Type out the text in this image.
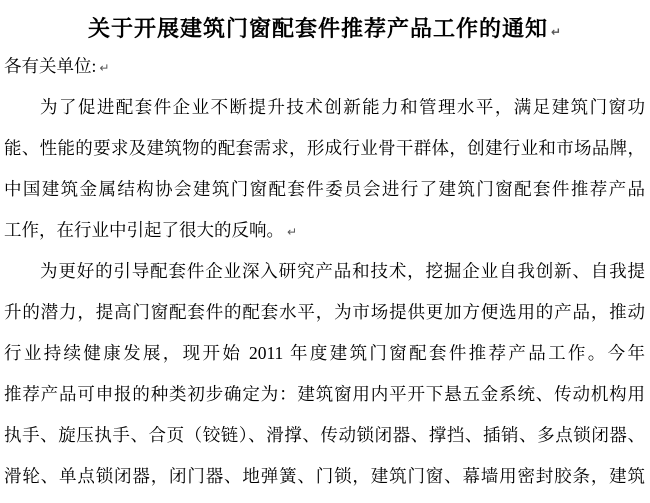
关于开展建筑门窗配套件推荐产品工作的通知 ↵
各有关单位: ↵
为了促进配套件企业不断提升技术创新能力和管理水平，满足建筑门窗功
能、性能的要求及建筑物的配套需求，形成行业骨干群体，创建行业和市场品牌，
中国建筑金属结构协会建筑门窗配套件委员会进行了建筑门窗配套件推荐产品
工作，在行业中引起了很大的反响。 ↵
为更好的引导配套件企业深入研究产品和技术，挖掘企业自我创新、自我提
升的潜力，提高门窗配套件的配套水平，为市场提供更加方便选用的产品，推动
行业持续健康发展，现开始 2011 年度建筑门窗配套件推荐产品工作。今年
推荐产品可申报的种类初步确定为：建筑窗用内平开下悬五金系统、传动机构用
执手、旋压执手、合页（铰链）、滑撑、传动锁闭器、撑挡、插销、多点锁闭器、
滑轮、单点锁闭器，闭门器、地弹簧、门锁，建筑门窗、幕墙用密封胶条，建筑
